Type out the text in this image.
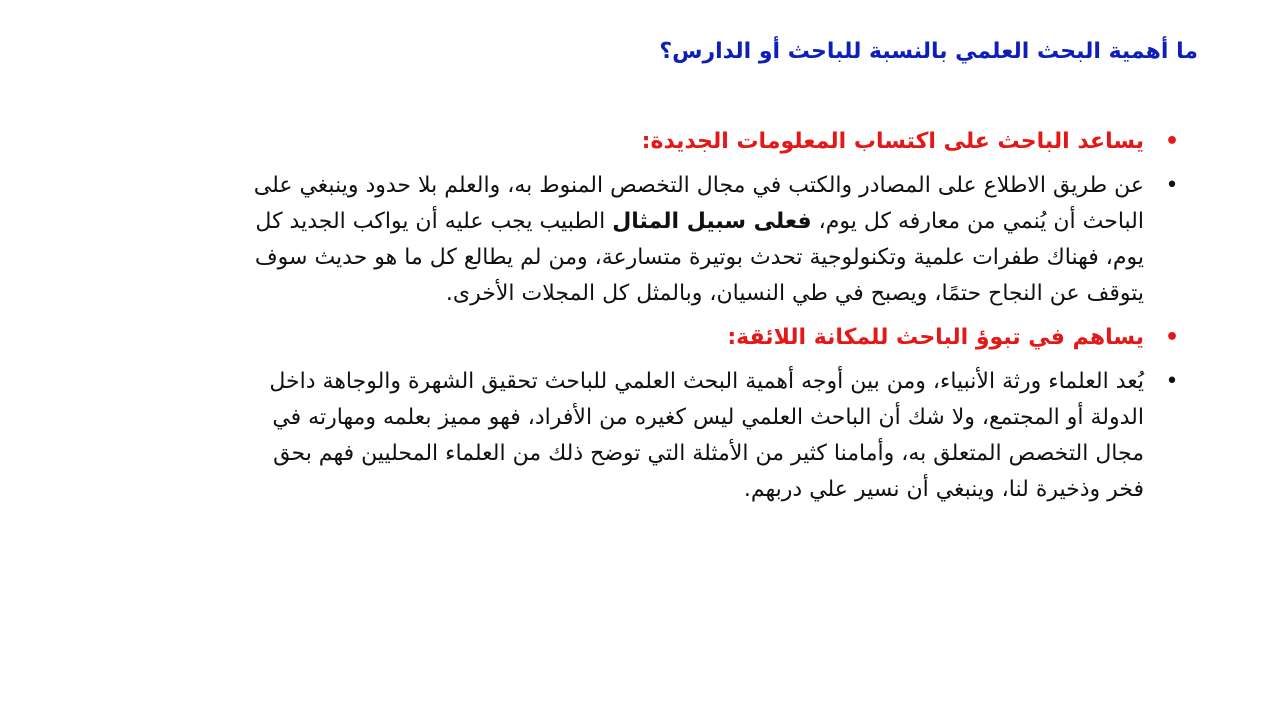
ما أهمية البحث العلمي بالنسبة للباحث أو الدارس؟
•
يساعد الباحث على اكتساب المعلومات الجديدة:
•
عن طريق الاطلاع على المصادر والكتب في مجال التخصص المنوط به، والعلم بلا حدود وينبغي على الباحث أن يُنمي من معارفه كل يوم، فعلى سبيل المثال الطبيب يجب عليه أن يواكب الجديد كل يوم، فهناك طفرات علمية وتكنولوجية تحدث بوتيرة متسارعة، ومن لم يطالع كل ما هو حديث سوف يتوقف عن النجاح حتمًا، ويصبح في طي النسيان، وبالمثل كل المجلات الأخرى.
•
يساهم في تبوؤ الباحث للمكانة اللائقة:
•
يُعد العلماء ورثة الأنبياء، ومن بين أوجه أهمية البحث العلمي للباحث تحقيق الشهرة والوجاهة داخل الدولة أو المجتمع، ولا شك أن الباحث العلمي ليس كغيره من الأفراد، فهو مميز بعلمه ومهارته في مجال التخصص المتعلق به، وأمامنا كثير من الأمثلة التي توضح ذلك من العلماء المحليين فهم بحق فخر وذخيرة لنا، وينبغي أن نسير علي دربهم.
